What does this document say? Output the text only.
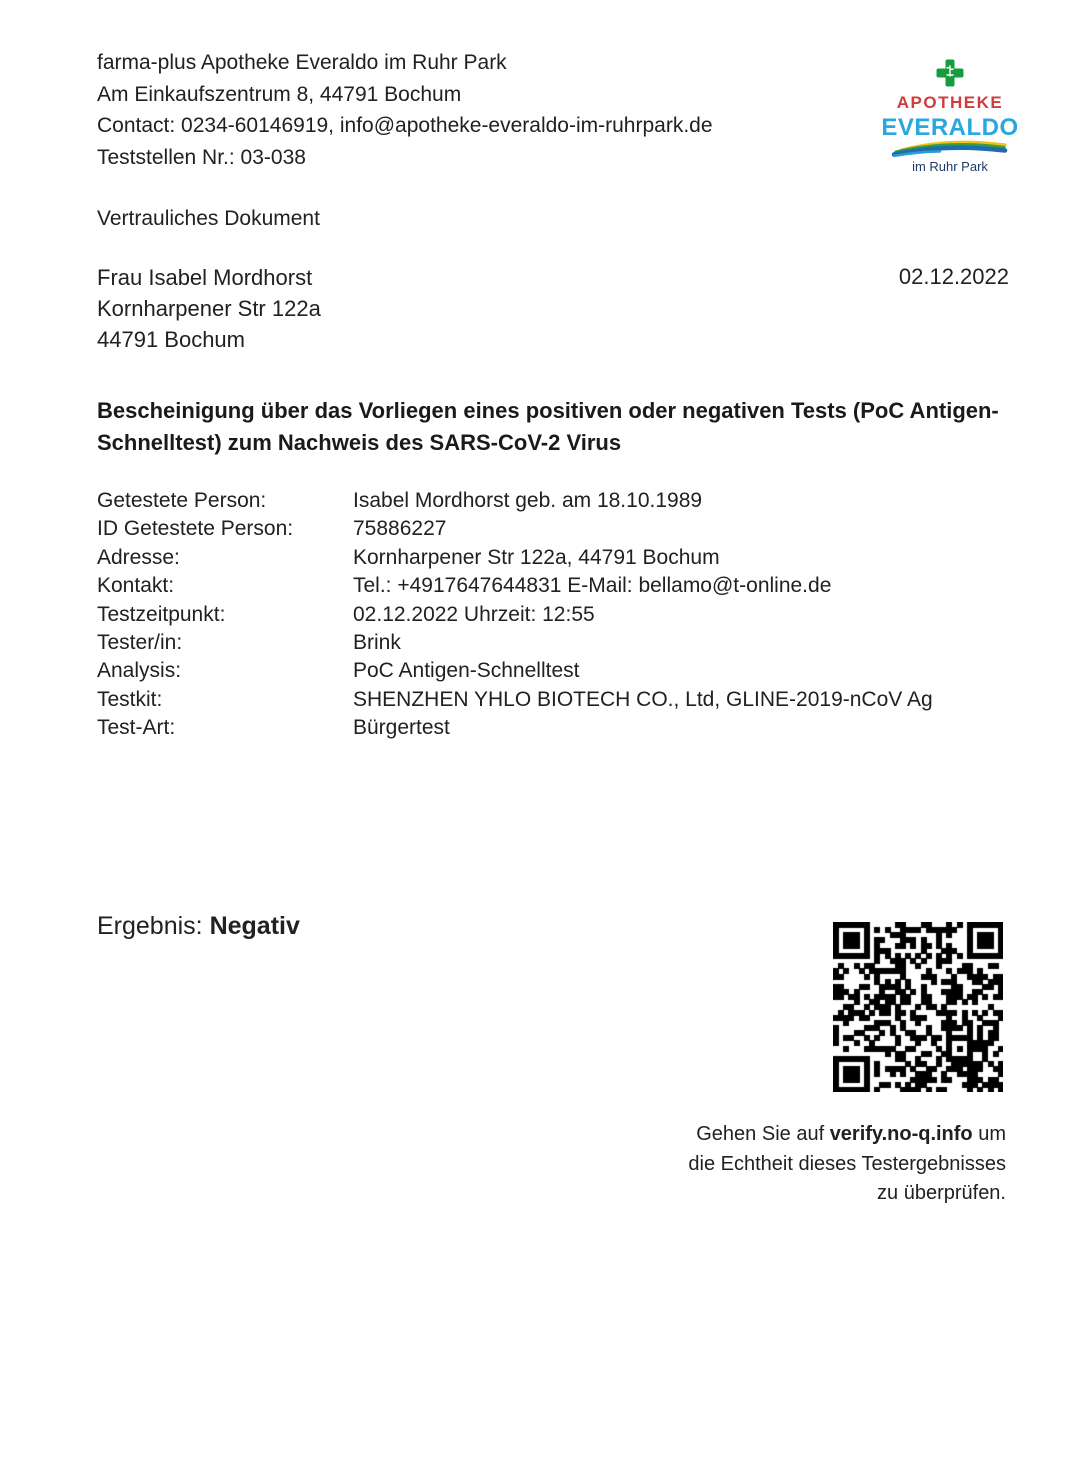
farma-plus Apotheke Everaldo im Ruhr Park
Am Einkaufszentrum 8, 44791 Bochum
Contact: 0234-60146919, info@apotheke-everaldo-im-ruhrpark.de
Teststellen Nr.: 03-038
APOTHEKE
EVERALDO
im Ruhr Park
Vertrauliches Dokument
Frau Isabel Mordhorst
Kornharpener Str 122a
44791 Bochum
02.12.2022
Bescheinigung über das Vorliegen eines positiven oder negativen Tests (PoC Antigen-
Schnelltest) zum Nachweis des SARS-CoV-2 Virus
Getestete Person:	Isabel Mordhorst geb. am 18.10.1989
ID Getestete Person:	75886227
Adresse:	Kornharpener Str 122a, 44791 Bochum
Kontakt:	Tel.: +4917647644831 E-Mail: bellamo@t-online.de
Testzeitpunkt:	02.12.2022 Uhrzeit: 12:55
Tester/in:	Brink
Analysis:	PoC Antigen-Schnelltest
Testkit:	SHENZHEN YHLO BIOTECH CO., Ltd, GLINE-2019-nCoV Ag
Test-Art:	Bürgertest
Ergebnis: Negativ
Gehen Sie auf verify.no-q.info um
die Echtheit dieses Testergebnisses
zu überprüfen.
